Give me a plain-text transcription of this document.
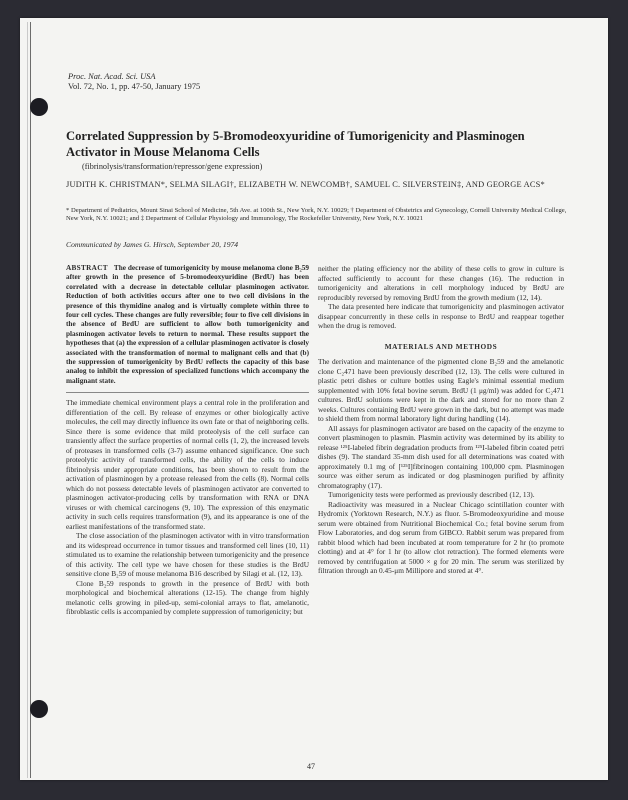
Proc. Nat. Acad. Sci. USA
Vol. 72, No. 1, pp. 47-50, January 1975
Correlated Suppression by 5-Bromodeoxyuridine of Tumorigenicity and Plasminogen Activator in Mouse Melanoma Cells
(fibrinolysis/transformation/repressor/gene expression)
JUDITH K. CHRISTMAN*, SELMA SILAGI†, ELIZABETH W. NEWCOMB†, SAMUEL C. SILVERSTEIN‡, AND GEORGE ACS*
* Department of Pediatrics, Mount Sinai School of Medicine, 5th Ave. at 100th St., New York, N.Y. 10029; † Department of Obstetrics and Gynecology, Cornell University Medical College, New York, N.Y. 10021; and ‡ Department of Cellular Physiology and Immunology, The Rockefeller University, New York, N.Y. 10021
Communicated by James G. Hirsch, September 20, 1974
ABSTRACT The decrease of tumorigenicity by mouse melanoma clone B₂59 after growth in the presence of 5-bromodeoxyuridine (BrdU) has been correlated with a decrease in detectable cellular plasminogen activator. Reduction of both activities occurs after one to two cell divisions in the presence of this thymidine analog and is virtually complete within three to four cell cycles. These changes are fully reversible; four to five cell divisions in the absence of BrdU are sufficient to allow both tumorigenicity and plasminogen activator levels to return to normal. These results support the hypotheses that (a) the expression of a cellular plasminogen activator is closely associated with the transformation of normal to malignant cells and that (b) the suppression of tumorigenicity by BrdU reflects the capacity of this base analog to inhibit the expression of specialized functions which accompany the malignant state.

The immediate chemical environment plays a central role in the proliferation and differentiation of the cell. By release of enzymes or other biologically active molecules, the cell may directly influence its own fate or that of neighboring cells. Since there is some evidence that mild proteolysis of the cell surface can transiently affect the surface properties of normal cells (1, 2), the increased levels of proteases in transformed cells (3-7) assume enhanced significance. One such proteolytic activity of transformed cells, the ability of the cells to induce fibrinolysis under appropriate conditions, has been shown to result from the activation of plasminogen by a protease released from the cells (8). Normal cells which do not possess detectable levels of plasminogen activator are converted to plasminogen activator-producing cells by transformation with RNA or DNA viruses or with chemical carcinogens (9, 10). The expression of this enzymatic activity in such cells requires transformation (9), and its appearance is one of the earliest manifestations of the transformed state.

The close association of the plasminogen activator with in vitro transformation and its widespread occurrence in tumor tissues and transformed cell lines (10, 11) stimulated us to examine the relationship between tumorigenicity and the presence of this activity. The cell type we have chosen for these studies is the BrdU sensitive clone B₂59 of mouse melanoma B16 described by Silagi et al. (12, 13).

Clone B₂59 responds to growth in the presence of BrdU with both morphological and biochemical alterations (12-15). The change from highly melanotic cells growing in piled-up, semi-colonial arrays to flat, amelanotic, fibroblastic cells is accompanied by complete suppression of tumorigenicity; but

neither the plating efficiency nor the ability of these cells to grow in culture is affected sufficiently to account for these changes (16). The reduction in tumorigenicity and alterations in cell morphology induced by BrdU are reproducibly reversed by removing BrdU from the growth medium (12, 14).

The data presented here indicate that tumorigenicity and plasminogen activator disappear concurrently in these cells in response to BrdU and reappear together when the drug is removed.

MATERIALS AND METHODS

The derivation and maintenance of the pigmented clone B₂59 and the amelanotic clone C₂471 have been previously described (12, 13). The cells were cultured in plastic petri dishes or culture bottles using Eagle's minimal essential medium supplemented with 10% fetal bovine serum. BrdU (1 μg/ml) was added for C₂471 cultures. BrdU solutions were kept in the dark and stored for no more than 2 weeks. Cultures containing BrdU were grown in the dark, but no attempt was made to shield them from normal laboratory light during handling (14).

All assays for plasminogen activator are based on the capacity of the enzyme to convert plasminogen to plasmin. Plasmin activity was determined by its ability to release ¹²⁵I-labeled fibrin degradation products from ¹²⁵I-labeled fibrin coated petri dishes (9). The standard 35-mm dish used for all determinations was coated with approximately 0.1 mg of [¹²⁵I]fibrinogen containing 100,000 cpm. Plasminogen source was either serum as indicated or dog plasminogen purified by affinity chromatography (17).

Tumorigenicity tests were performed as previously described (12, 13).

Radioactivity was measured in a Nuclear Chicago scintillation counter with Hydromix (Yorktown Research, N.Y.) as fluor. 5-Bromodeoxyuridine and mouse serum were obtained from Nutritional Biochemical Co.; fetal bovine serum from Flow Laboratories, and dog serum from GIBCO. Rabbit serum was prepared from rabbit blood which had been incubated at room temperature for 2 hr (to promote clotting) and at 4° for 1 hr (to allow clot retraction). The formed elements were removed by centrifugation at 5000 × g for 20 min. The serum was sterilized by filtration through an 0.45-μm Millipore and stored at 4°.

47
